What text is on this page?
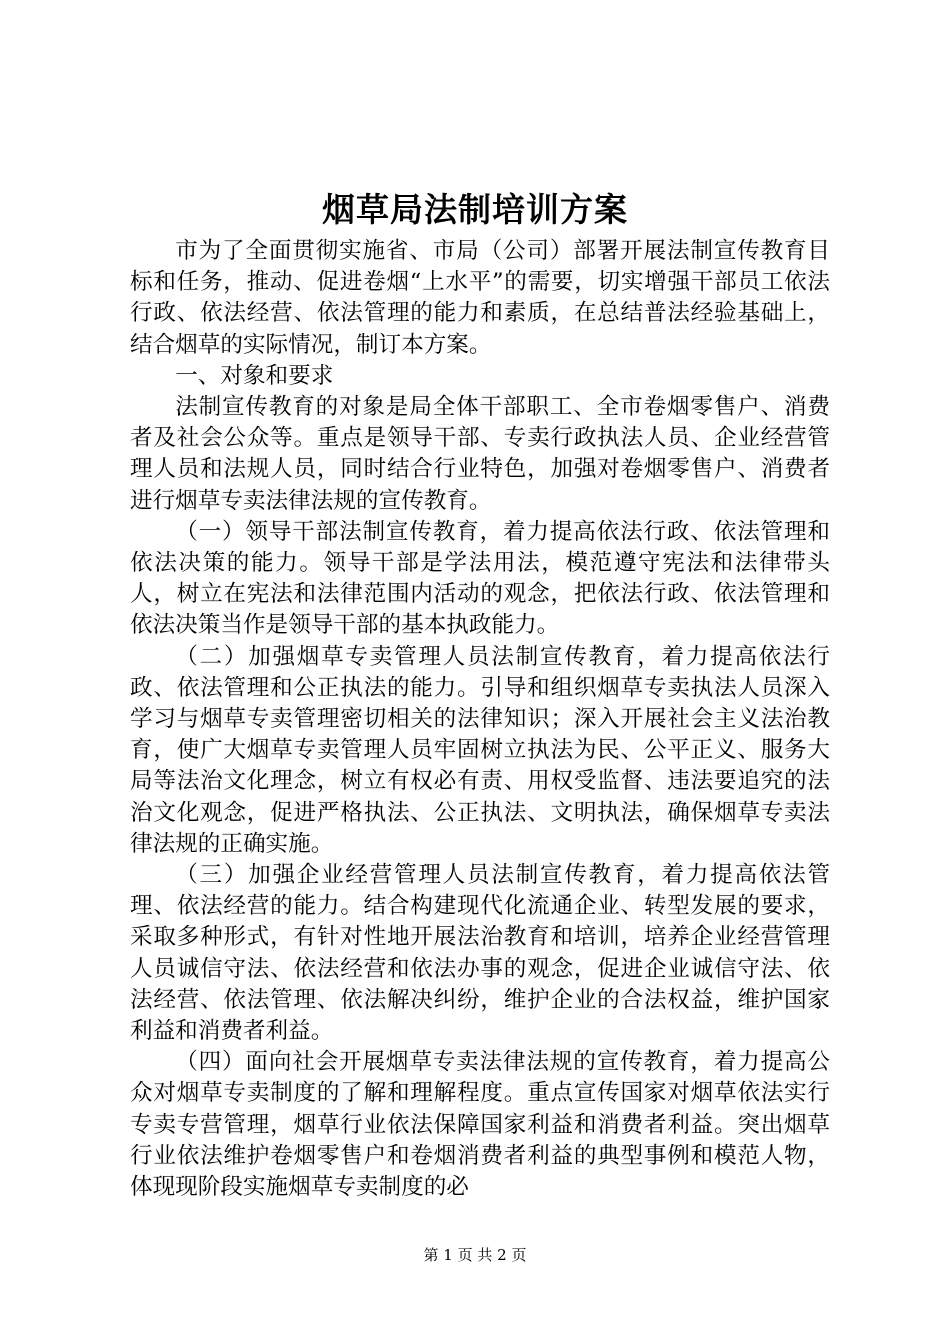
烟草局法制培训方案

市为了全面贯彻实施省、市局（公司）部署开展法制宣传教育目标和任务，推动、促进卷烟“上水平”的需要，切实增强干部员工依法行政、依法经营、依法管理的能力和素质，在总结普法经验基础上，结合烟草的实际情况，制订本方案。

一、对象和要求

法制宣传教育的对象是局全体干部职工、全市卷烟零售户、消费者及社会公众等。重点是领导干部、专卖行政执法人员、企业经营管理人员和法规人员，同时结合行业特色，加强对卷烟零售户、消费者进行烟草专卖法律法规的宣传教育。

（一）领导干部法制宣传教育，着力提高依法行政、依法管理和依法决策的能力。领导干部是学法用法，模范遵守宪法和法律带头人，树立在宪法和法律范围内活动的观念，把依法行政、依法管理和依法决策当作是领导干部的基本执政能力。

（二）加强烟草专卖管理人员法制宣传教育，着力提高依法行政、依法管理和公正执法的能力。引导和组织烟草专卖执法人员深入学习与烟草专卖管理密切相关的法律知识；深入开展社会主义法治教育，使广大烟草专卖管理人员牢固树立执法为民、公平正义、服务大局等法治文化理念，树立有权必有责、用权受监督、违法要追究的法治文化观念，促进严格执法、公正执法、文明执法，确保烟草专卖法律法规的正确实施。

（三）加强企业经营管理人员法制宣传教育，着力提高依法管理、依法经营的能力。结合构建现代化流通企业、转型发展的要求，采取多种形式，有针对性地开展法治教育和培训，培养企业经营管理人员诚信守法、依法经营和依法办事的观念，促进企业诚信守法、依法经营、依法管理、依法解决纠纷，维护企业的合法权益，维护国家利益和消费者利益。

（四）面向社会开展烟草专卖法律法规的宣传教育，着力提高公众对烟草专卖制度的了解和理解程度。重点宣传国家对烟草依法实行专卖专营管理，烟草行业依法保障国家利益和消费者利益。突出烟草行业依法维护卷烟零售户和卷烟消费者利益的典型事例和模范人物，体现现阶段实施烟草专卖制度的必

第 1 页 共 2 页
